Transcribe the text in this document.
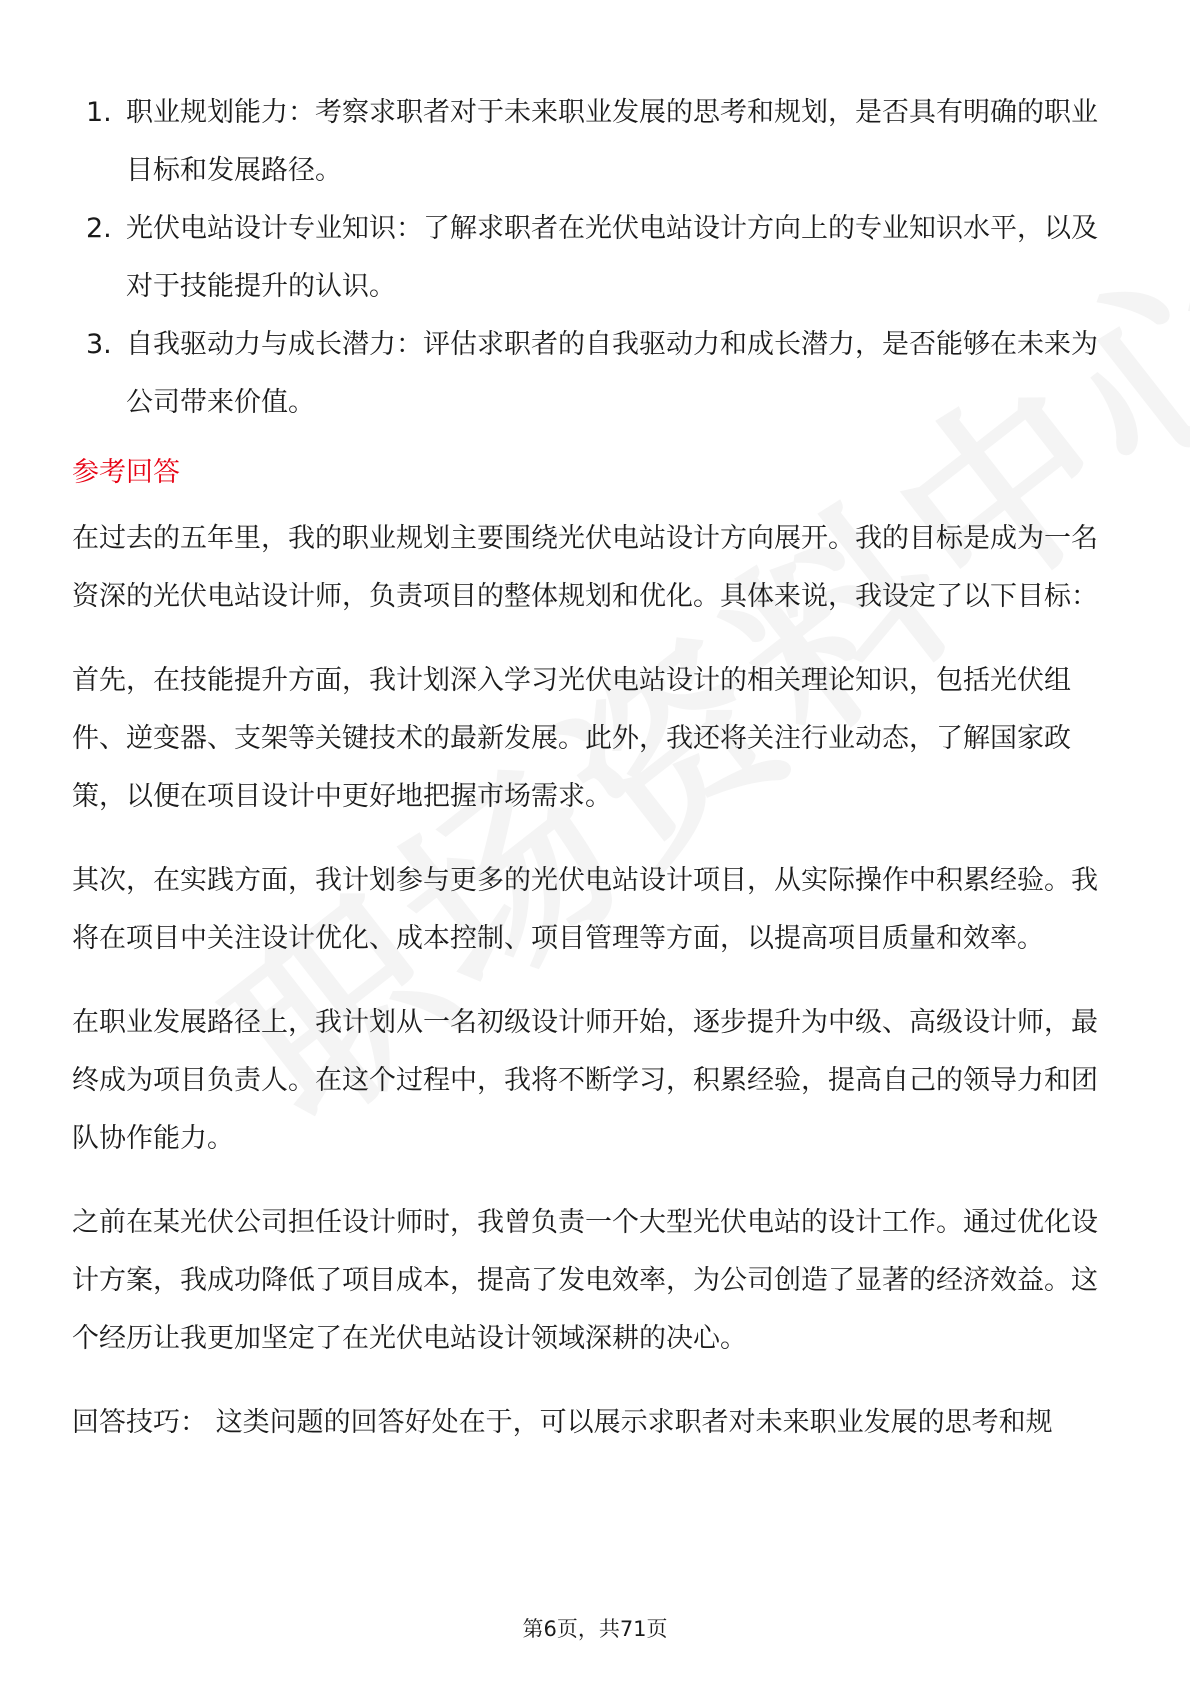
1. 职业规划能力：考察求职者对于未来职业发展的思考和规划，是否具有明确的职业目标和发展路径。
2. 光伏电站设计专业知识：了解求职者在光伏电站设计方向上的专业知识水平，以及对于技能提升的认识。
3. 自我驱动力与成长潜力：评估求职者的自我驱动力和成长潜力，是否能够在未来为公司带来价值。
参考回答

在过去的五年里，我的职业规划主要围绕光伏电站设计方向展开。我的目标是成为一名资深的光伏电站设计师，负责项目的整体规划和优化。具体来说，我设定了以下目标：

首先，在技能提升方面，我计划深入学习光伏电站设计的相关理论知识，包括光伏组件、逆变器、支架等关键技术的最新发展。此外，我还将关注行业动态，了解国家政策，以便在项目设计中更好地把握市场需求。

其次，在实践方面，我计划参与更多的光伏电站设计项目，从实际操作中积累经验。我将在项目中关注设计优化、成本控制、项目管理等方面，以提高项目质量和效率。

在职业发展路径上，我计划从一名初级设计师开始，逐步提升为中级、高级设计师，最终成为项目负责人。在这个过程中，我将不断学习，积累经验，提高自己的领导力和团队协作能力。

之前在某光伏公司担任设计师时，我曾负责一个大型光伏电站的设计工作。通过优化设计方案，我成功降低了项目成本，提高了发电效率，为公司创造了显著的经济效益。这个经历让我更加坚定了在光伏电站设计领域深耕的决心。

回答技巧： 这类问题的回答好处在于，可以展示求职者对未来职业发展的思考和规

第6页，共71页
